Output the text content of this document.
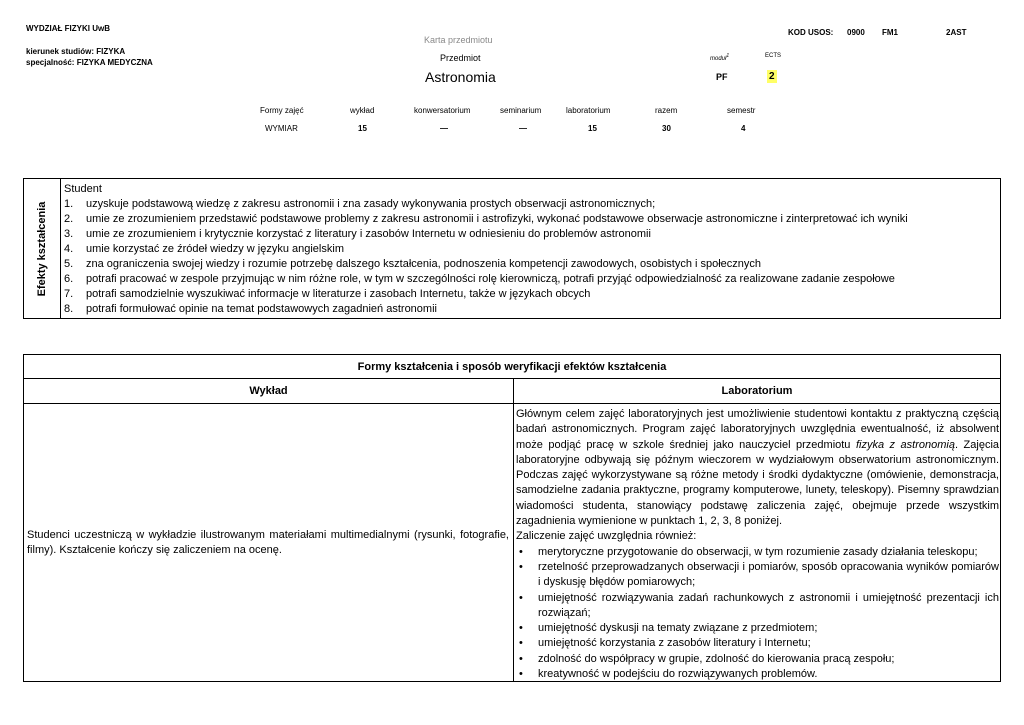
WYDZIAŁ FIZYKI UwB
kierunek studiów: FIZYKA
specjalność: FIZYKA MEDYCZNA
Karta przedmiotu
Przedmiot
Astronomia
moduł$^1$	ECTS
PF	2
KOD USOS: 0900 FM1	2AST
Formy zajęć	wykład	konwersatorium	seminarium	laboratorium	razem	semestr
WYMIAR	15	—	—	15	30	4
Efekty kształcenia
Student
1.	uzyskuje podstawową wiedzę z zakresu astronomii i zna zasady wykonywania prostych obserwacji astronomicznych;
2.	umie ze zrozumieniem przedstawić podstawowe problemy z zakresu astronomii i astrofizyki, wykonać podstawowe obserwacje astronomiczne i zinterpretować ich wyniki
3.	umie ze zrozumieniem i krytycznie korzystać z literatury i zasobów Internetu w odniesieniu do problemów astronomii
4.	umie korzystać ze źródeł wiedzy w języku angielskim
5.	zna ograniczenia swojej wiedzy i rozumie potrzebę dalszego kształcenia, podnoszenia kompetencji zawodowych, osobistych i społecznych
6.	potrafi pracować w zespole przyjmując w nim różne role, w tym w szczególności rolę kierowniczą, potrafi przyjąć odpowiedzialność za realizowane zadanie zespołowe
7.	potrafi samodzielnie wyszukiwać informacje w literaturze i zasobach Internetu, także w językach obcych
8.	potrafi formułować opinie na temat podstawowych zagadnień astronomii
Formy kształcenia i sposób weryfikacji efektów kształcenia
Wykład	Laboratorium
Studenci uczestniczą w wykładzie ilustrowanym materiałami multimedialnymi (rysunki, fotografie, filmy). Kształcenie kończy się zaliczeniem na ocenę.

Głównym celem zajęć laboratoryjnych jest umożliwienie studentowi kontaktu z praktyczną częścią badań astronomicznych. Program zajęć laboratoryjnych uwzględnia ewentualność, iż absolwent może podjąć pracę w szkole średniej jako nauczyciel przedmiotu fizyka z astronomią. Zajęcia laboratoryjne odbywają się późnym wieczorem w wydziałowym obserwatorium astronomicznym. Podczas zajęć wykorzystywane są różne metody i środki dydaktyczne (omówienie, demonstracja, samodzielne zadania praktyczne, programy komputerowe, lunety, teleskopy). Pisemny sprawdzian wiadomości studenta, stanowiący podstawę zaliczenia zajęć, obejmuje przede wszystkim zagadnienia wymienione w punktach 1, 2, 3, 8 poniżej.

Zaliczenie zajęć uwzględnia również:

•	merytoryczne przygotowanie do obserwacji, w tym rozumienie zasady działania teleskopu;
•	rzetelność przeprowadzanych obserwacji i pomiarów, sposób opracowania wyników pomiarów i dyskusję błędów pomiarowych;
•	umiejętność rozwiązywania zadań rachunkowych z astronomii i umiejętność prezentacji ich rozwiązań;
•	umiejętność dyskusji na tematy związane z przedmiotem;
•	umiejętność korzystania z zasobów literatury i Internetu;
•	zdolność do współpracy w grupie, zdolność do kierowania pracą zespołu;
•	kreatywność w podejściu do rozwiązywanych problemów.
